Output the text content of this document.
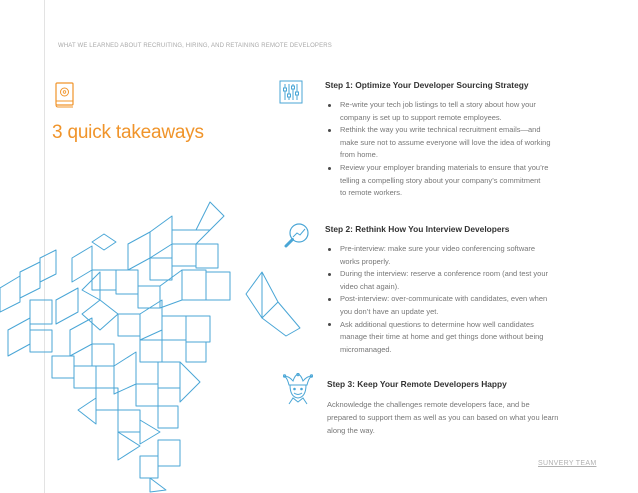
WHAT WE LEARNED ABOUT RECRUITING, HIRING, AND RETAINING REMOTE DEVELOPERS
3 quick takeaways
Step 1: Optimize Your Developer Sourcing Strategy
Re-write your tech job listings to tell a story about how your
company is set up to support remote employees.
Rethink the way you write technical recruitment emails—and
make sure not to assume everyone will love the idea of working
from home.
Review your employer branding materials to ensure that you’re
telling a compelling story about your company’s commitment
to remote workers.
Step 2: Rethink How You Interview Developers
Pre-interview: make sure your video conferencing software
works properly.
During the interview: reserve a conference room (and test your
video chat again).
Post-interview: over-communicate with candidates, even when
you don’t have an update yet.
Ask additional questions to determine how well candidates
manage their time at home and get things done without being
micromanaged.
Step 3: Keep Your Remote Developers Happy
Acknowledge the challenges remote developers face, and be
prepared to support them as well as you can based on what you learn
along the way.
SUNVERY TEAM
